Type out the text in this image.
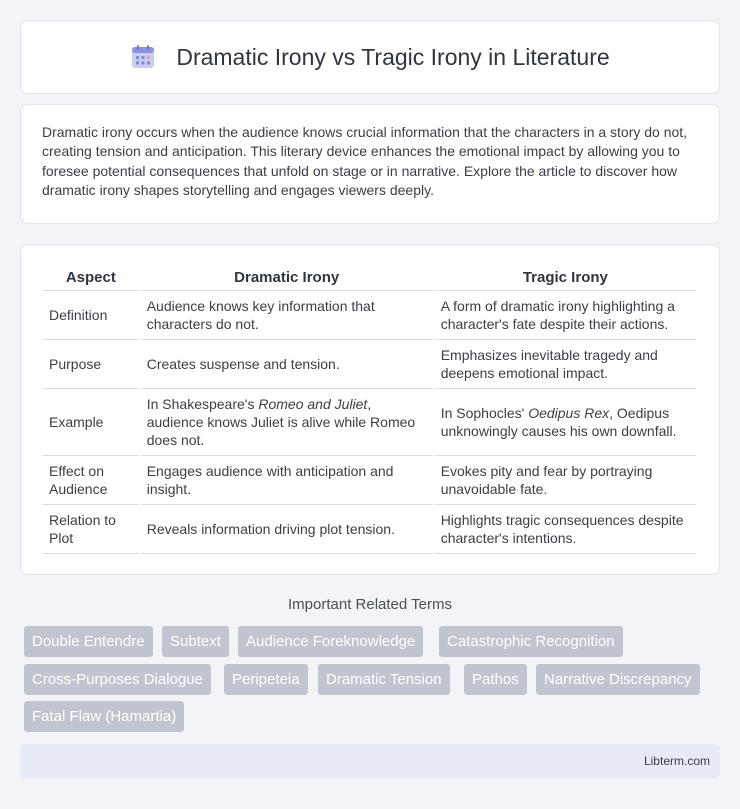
Dramatic Irony vs Tragic Irony in Literature

Dramatic irony occurs when the audience knows crucial information that the characters in a story do not, creating tension and anticipation. This literary device enhances the emotional impact by allowing you to foresee potential consequences that unfold on stage or in narrative. Explore the article to discover how dramatic irony shapes storytelling and engages viewers deeply.

Aspect	Dramatic Irony	Tragic Irony
Definition	Audience knows key information that characters do not.	A form of dramatic irony highlighting a character's fate despite their actions.
Purpose	Creates suspense and tension.	Emphasizes inevitable tragedy and deepens emotional impact.
Example	In Shakespeare's Romeo and Juliet, audience knows Juliet is alive while Romeo does not.	In Sophocles' Oedipus Rex, Oedipus unknowingly causes his own downfall.
Effect on Audience	Engages audience with anticipation and insight.	Evokes pity and fear by portraying unavoidable fate.
Relation to Plot	Reveals information driving plot tension.	Highlights tragic consequences despite character's intentions.
Important Related Terms
Double Entendre	Subtext	Audience Foreknowledge	Catastrophic Recognition
Cross-Purposes Dialogue	Peripeteia	Dramatic Tension	Pathos	Narrative Discrepancy
Fatal Flaw (Hamartia)
Libterm.com
